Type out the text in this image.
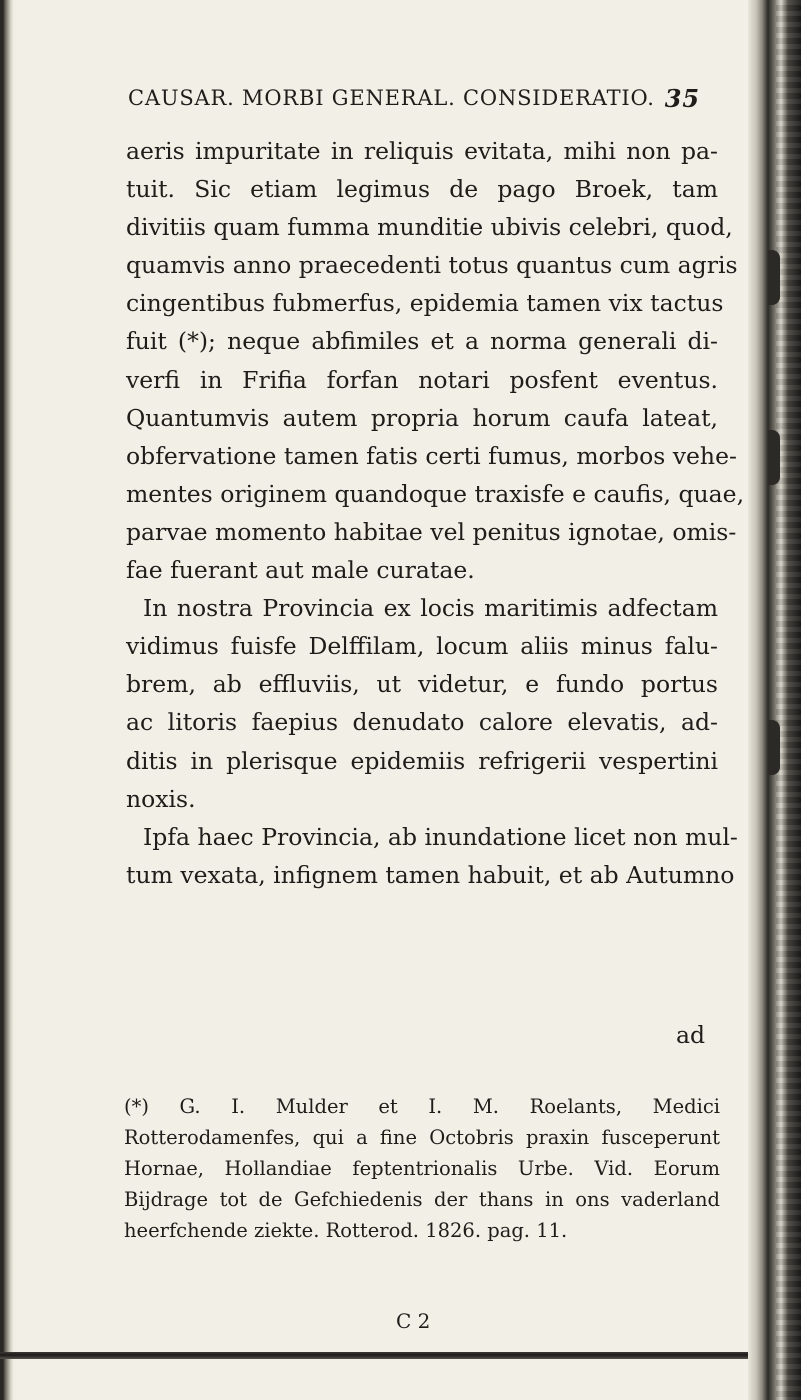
CAUSAR. MORBI GENERAL. CONSIDERATIO. 35
aeris impuritate in reliquis evitata, mihi non pa-
tuit. Sic etiam legimus de pago Broek, tam
divitiis quam fumma munditie ubivis celebri, quod,
quamvis anno praecedenti totus quantus cum agris
cingentibus fubmerfus, epidemia tamen vix tactus
fuit (*); neque abfimiles et a norma generali di-
verfi in Frifia forfan notari posfent eventus.
Quantumvis autem propria horum caufa lateat,
obfervatione tamen fatis certi fumus, morbos vehe-
mentes originem quandoque traxisfe e caufis, quae,
parvae momento habitae vel penitus ignotae, omis-
fae fuerant aut male curatae.
In nostra Provincia ex locis maritimis adfectam
vidimus fuisfe Delffilam, locum aliis minus falu-
brem, ab effluviis, ut videtur, e fundo portus
ac litoris faepius denudato calore elevatis, ad-
ditis in plerisque epidemiis refrigerii vespertini
noxis.
Ipfa haec Provincia, ab inundatione licet non mul-
tum vexata, infignem tamen habuit, et ab Autumno
ad
(*) G. I. Mulder et I. M. Roelants, Medici
Rotterodamenfes, qui a fine Octobris praxin fusceperunt
Hornae, Hollandiae feptentrionalis Urbe. Vid. Eorum
Bijdrage tot de Gefchiedenis der thans in ons vaderland
heerfchende ziekte. Rotterod. 1826. pag. 11.
C 2
